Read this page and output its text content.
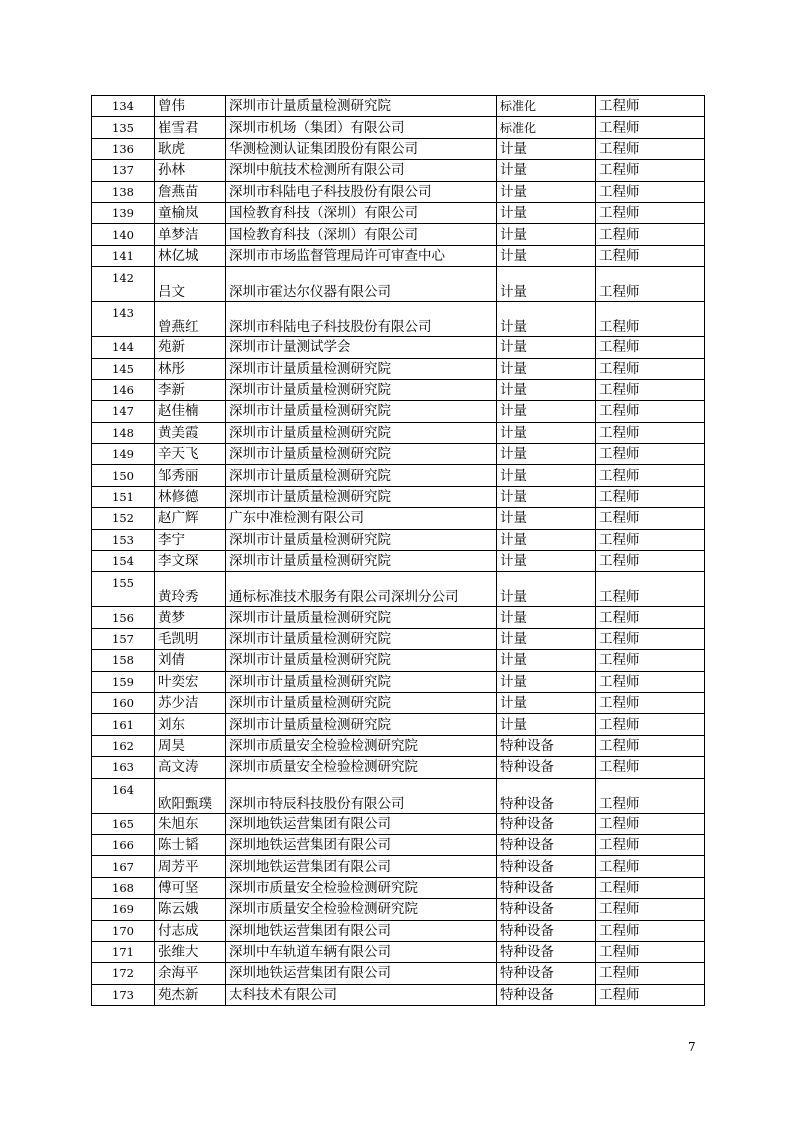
134	曾伟	深圳市计量质量检测研究院	标准化	工程师
135	崔雪君	深圳市机场（集团）有限公司	标准化	工程师
136	耿虎	华测检测认证集团股份有限公司	计量	工程师
137	孙林	深圳中航技术检测所有限公司	计量	工程师
138	詹燕苗	深圳市科陆电子科技股份有限公司	计量	工程师
139	童榆岚	国检教育科技（深圳）有限公司	计量	工程师
140	单梦洁	国检教育科技（深圳）有限公司	计量	工程师
141	林亿城	深圳市市场监督管理局许可审查中心	计量	工程师
142	吕文	深圳市霍达尔仪器有限公司	计量	工程师
143	曾燕红	深圳市科陆电子科技股份有限公司	计量	工程师
144	苑新	深圳市计量测试学会	计量	工程师
145	林彤	深圳市计量质量检测研究院	计量	工程师
146	李新	深圳市计量质量检测研究院	计量	工程师
147	赵佳楠	深圳市计量质量检测研究院	计量	工程师
148	黄美霞	深圳市计量质量检测研究院	计量	工程师
149	辛天飞	深圳市计量质量检测研究院	计量	工程师
150	邹秀丽	深圳市计量质量检测研究院	计量	工程师
151	林修德	深圳市计量质量检测研究院	计量	工程师
152	赵广辉	广东中准检测有限公司	计量	工程师
153	李宁	深圳市计量质量检测研究院	计量	工程师
154	李文琛	深圳市计量质量检测研究院	计量	工程师
155	黄玲秀	通标标准技术服务有限公司深圳分公司	计量	工程师
156	黄梦	深圳市计量质量检测研究院	计量	工程师
157	毛凯明	深圳市计量质量检测研究院	计量	工程师
158	刘倩	深圳市计量质量检测研究院	计量	工程师
159	叶奕宏	深圳市计量质量检测研究院	计量	工程师
160	苏少洁	深圳市计量质量检测研究院	计量	工程师
161	刘东	深圳市计量质量检测研究院	计量	工程师
162	周昊	深圳市质量安全检验检测研究院	特种设备	工程师
163	高文涛	深圳市质量安全检验检测研究院	特种设备	工程师
164	欧阳甄璞	深圳市特辰科技股份有限公司	特种设备	工程师
165	朱旭东	深圳地铁运营集团有限公司	特种设备	工程师
166	陈士韬	深圳地铁运营集团有限公司	特种设备	工程师
167	周芳平	深圳地铁运营集团有限公司	特种设备	工程师
168	傅可坚	深圳市质量安全检验检测研究院	特种设备	工程师
169	陈云娥	深圳市质量安全检验检测研究院	特种设备	工程师
170	付志成	深圳地铁运营集团有限公司	特种设备	工程师
171	张维大	深圳中车轨道车辆有限公司	特种设备	工程师
172	余海平	深圳地铁运营集团有限公司	特种设备	工程师
173	苑杰新	太科技术有限公司	特种设备	工程师
7
